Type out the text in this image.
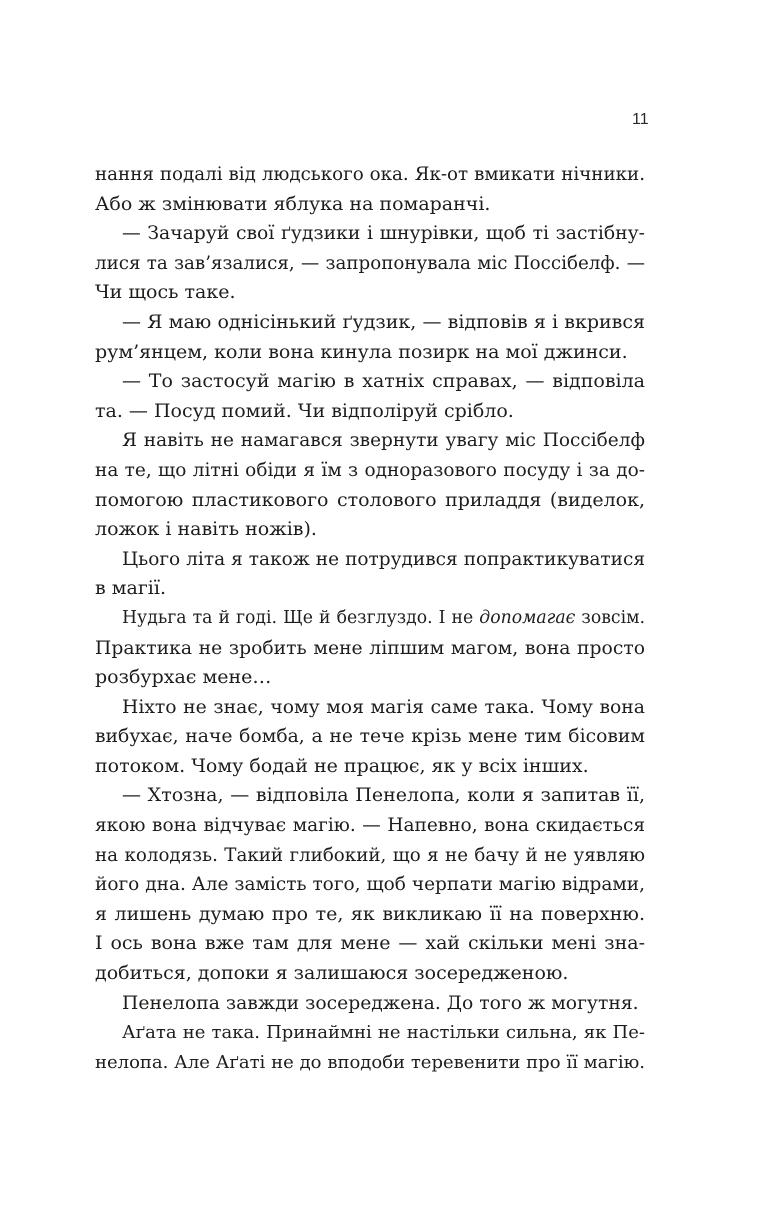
11
нання подалі від людського ока. Як-от вмикати нічники.
Або ж змінювати яблука на помаранчі.
— Зачаруй свої ґудзики і шнурівки, щоб ті застібну-
лися та зав’язалися, — запропонувала міс Поссібелф. —
Чи щось таке.
— Я маю однісінький ґудзик, — відповів я і вкрився
рум’янцем, коли вона кинула позирк на мої джинси.
— То застосуй магію в хатніх справах, — відповіла
та. — Посуд помий. Чи відполіруй срібло.
Я навіть не намагався звернути увагу міс Поссібелф
на те, що літні обіди я їм з одноразового посуду і за до-
помогою пластикового столового приладдя (виделок,
ложок і навіть ножів).
Цього літа я також не потрудився попрактикуватися
в магії.
Нудьга та й годі. Ще й безглуздо. І не допомагає зовсім.
Практика не зробить мене ліпшим магом, вона просто
розбурхає мене…
Ніхто не знає, чому моя магія саме така. Чому вона
вибухає, наче бомба, а не тече крізь мене тим бісовим
потоком. Чому бодай не працює, як у всіх інших.
— Хтозна, — відповіла Пенелопа, коли я запитав її,
якою вона відчуває магію. — Напевно, вона скидається
на колодязь. Такий глибокий, що я не бачу й не уявляю
його дна. Але замість того, щоб черпати магію відрами,
я лишень думаю про те, як викликаю її на поверхню.
І ось вона вже там для мене — хай скільки мені зна-
добиться, допоки я залишаюся зосередженою.
Пенелопа завжди зосереджена. До того ж могутня.
Аґата не така. Принаймні не настільки сильна, як Пе-
нелопа. Але Аґаті не до вподоби теревенити про її магію.
